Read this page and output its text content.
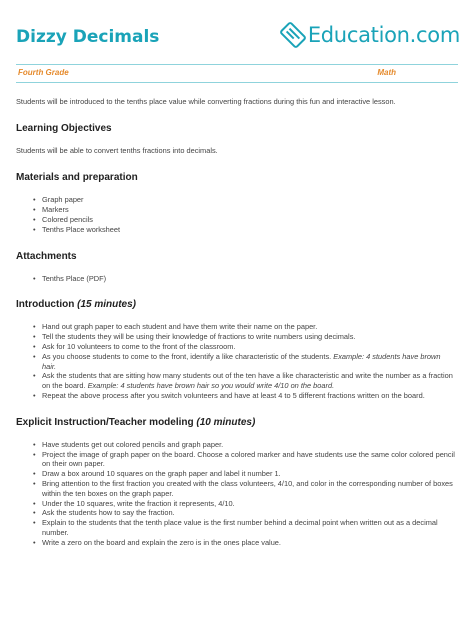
Dizzy Decimals	Education.com
Fourth Grade	Math

Students will be introduced to the tenths place value while converting fractions during this fun and interactive lesson.

Learning Objectives

Students will be able to convert tenths fractions into decimals.

Materials and preparation
• Graph paper
• Markers
• Colored pencils
• Tenths Place worksheet
Attachments
• Tenths Place (PDF)
Introduction (15 minutes)
• Hand out graph paper to each student and have them write their name on the paper.
• Tell the students they will be using their knowledge of fractions to write numbers using decimals.
• Ask for 10 volunteers to come to the front of the classroom.
• As you choose students to come to the front, identify a like characteristic of the students. Example: 4 students have brown hair.
• Ask the students that are sitting how many students out of the ten have a like characteristic and write the number as a fraction on the board. Example: 4 students have brown hair so you would write 4/10 on the board.
• Repeat the above process after you switch volunteers and have at least 4 to 5 different fractions written on the board.
Explicit Instruction/Teacher modeling (10 minutes)
• Have students get out colored pencils and graph paper.
• Project the image of graph paper on the board. Choose a colored marker and have students use the same color colored pencil on their own paper.
• Draw a box around 10 squares on the graph paper and label it number 1.
• Bring attention to the first fraction you created with the class volunteers, 4/10, and color in the corresponding number of boxes within the ten boxes on the graph paper.
• Under the 10 squares, write the fraction it represents, 4/10.
• Ask the students how to say the fraction.
• Explain to the students that the tenth place value is the first number behind a decimal point when written out as a decimal number.
• Write a zero on the board and explain the zero is in the ones place value.
